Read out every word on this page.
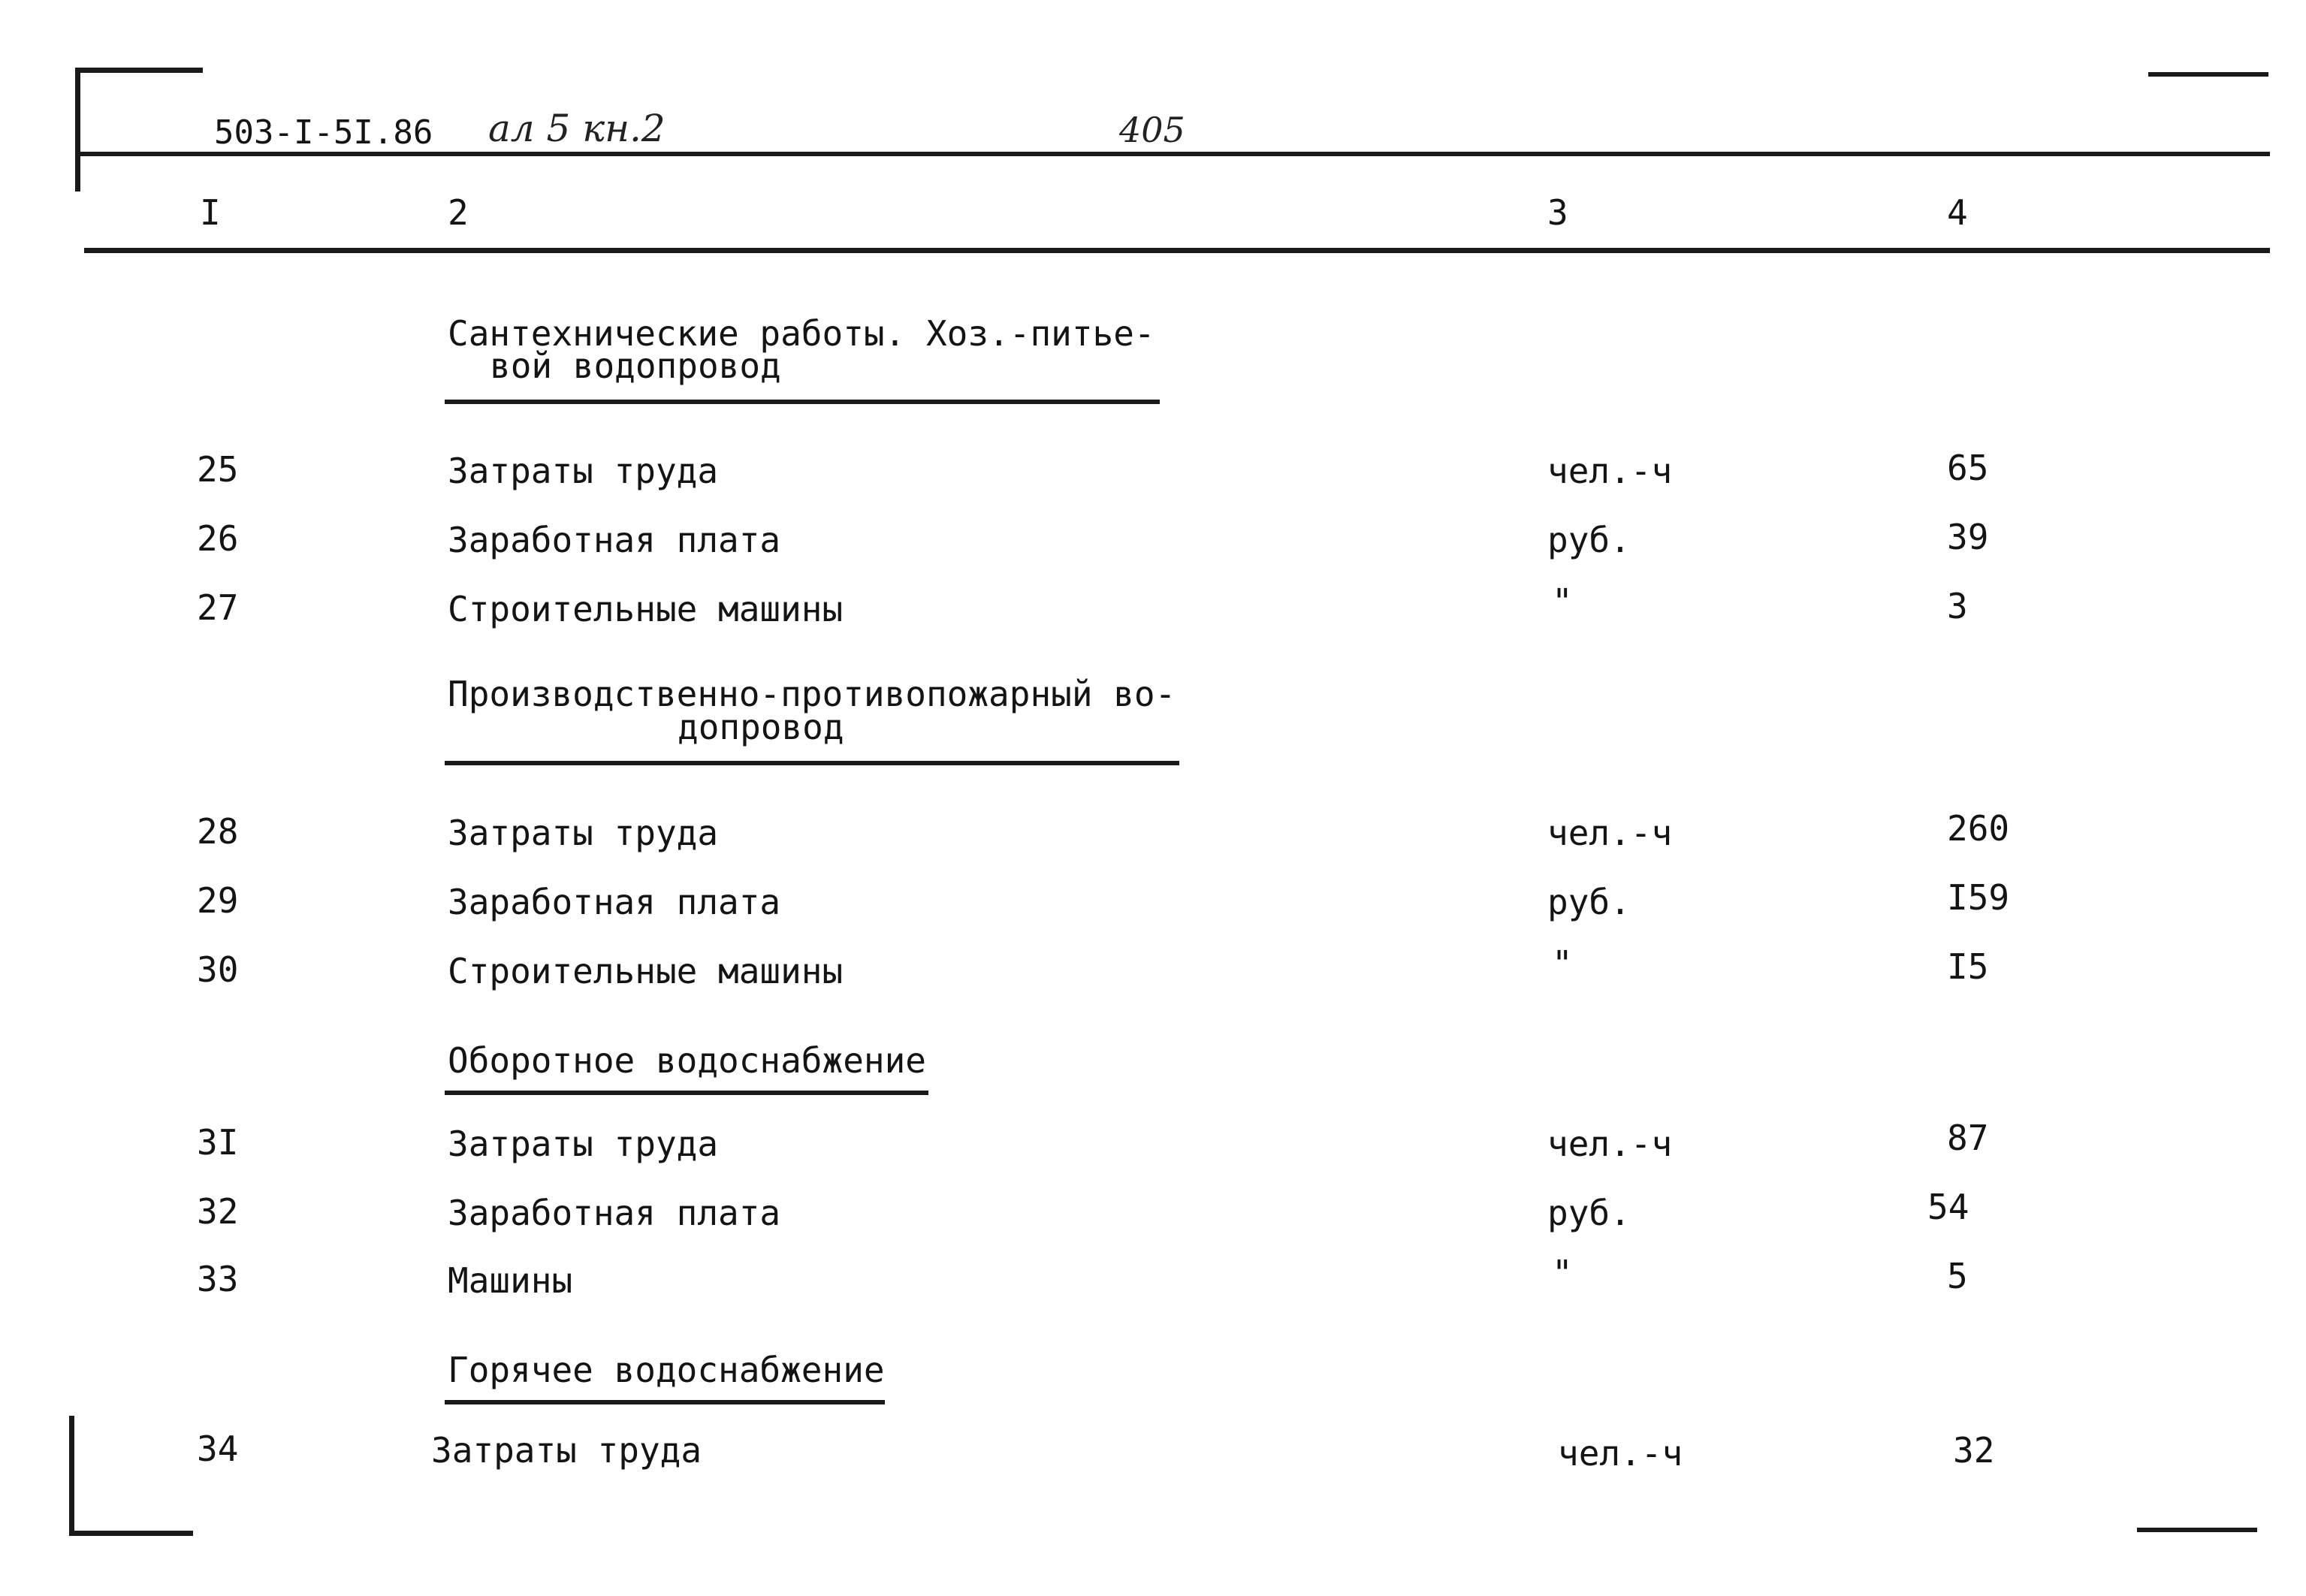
503-I-5I.86 ал 5 кн.2	405
I	2	3	4
Сантехнические работы. Хоз.-питье-
вой водопровод
25	Затраты труда	чел.-ч	65
26	Заработная плата	руб.	39
27	Строительные машины	"	3
Производственно-противопожарный во-
допровод
28	Затраты труда	чел.-ч	260
29	Заработная плата	руб.	I59
30	Строительные машины	"	I5
Оборотное водоснабжение
3I	Затраты труда	чел.-ч	87
32	Заработная плата	руб.	54
33	Машины	"	5
Горячее водоснабжение
34	Затраты труда	чел.-ч	32
